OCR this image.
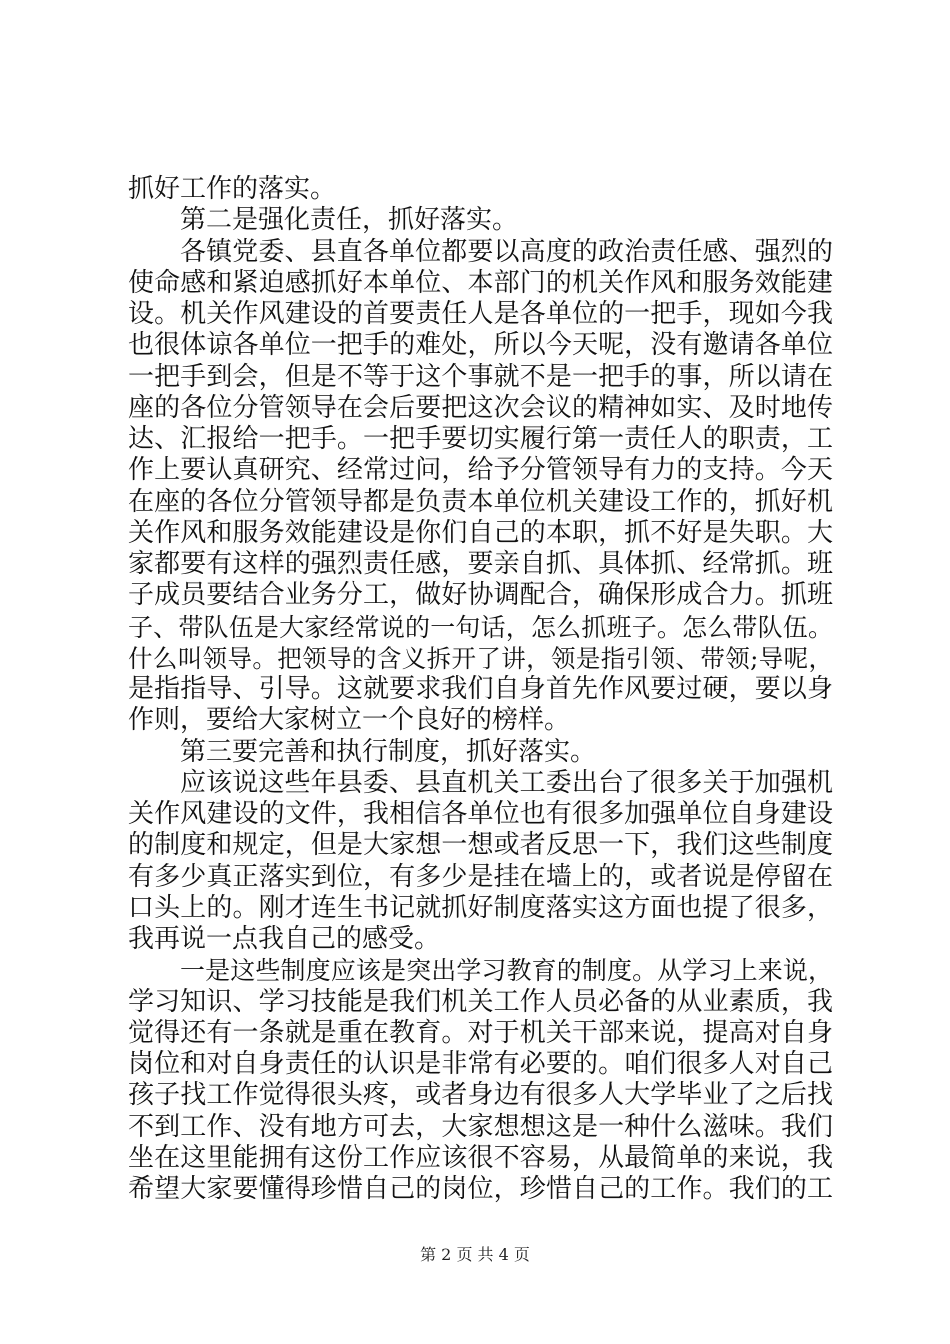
抓好工作的落实。
第二是强化责任，抓好落实。
各镇党委、县直各单位都要以高度的政治责任感、强烈的
使命感和紧迫感抓好本单位、本部门的机关作风和服务效能建
设。机关作风建设的首要责任人是各单位的一把手，现如今我
也很体谅各单位一把手的难处，所以今天呢，没有邀请各单位
一把手到会，但是不等于这个事就不是一把手的事，所以请在
座的各位分管领导在会后要把这次会议的精神如实、及时地传
达、汇报给一把手。一把手要切实履行第一责任人的职责，工
作上要认真研究、经常过问，给予分管领导有力的支持。今天
在座的各位分管领导都是负责本单位机关建设工作的，抓好机
关作风和服务效能建设是你们自己的本职，抓不好是失职。大
家都要有这样的强烈责任感，要亲自抓、具体抓、经常抓。班
子成员要结合业务分工，做好协调配合，确保形成合力。抓班
子、带队伍是大家经常说的一句话，怎么抓班子。怎么带队伍。
什么叫领导。把领导的含义拆开了讲，领是指引领、带领;导呢，
是指指导、引导。这就要求我们自身首先作风要过硬，要以身
作则，要给大家树立一个良好的榜样。
第三要完善和执行制度，抓好落实。
应该说这些年县委、县直机关工委出台了很多关于加强机
关作风建设的文件，我相信各单位也有很多加强单位自身建设
的制度和规定，但是大家想一想或者反思一下，我们这些制度
有多少真正落实到位，有多少是挂在墙上的，或者说是停留在
口头上的。刚才连生书记就抓好制度落实这方面也提了很多，
我再说一点我自己的感受。
一是这些制度应该是突出学习教育的制度。从学习上来说，
学习知识、学习技能是我们机关工作人员必备的从业素质，我
觉得还有一条就是重在教育。对于机关干部来说，提高对自身
岗位和对自身责任的认识是非常有必要的。咱们很多人对自己
孩子找工作觉得很头疼，或者身边有很多人大学毕业了之后找
不到工作、没有地方可去，大家想想这是一种什么滋味。我们
坐在这里能拥有这份工作应该很不容易，从最简单的来说，我
希望大家要懂得珍惜自己的岗位，珍惜自己的工作。我们的工
第 2 页 共 4 页
